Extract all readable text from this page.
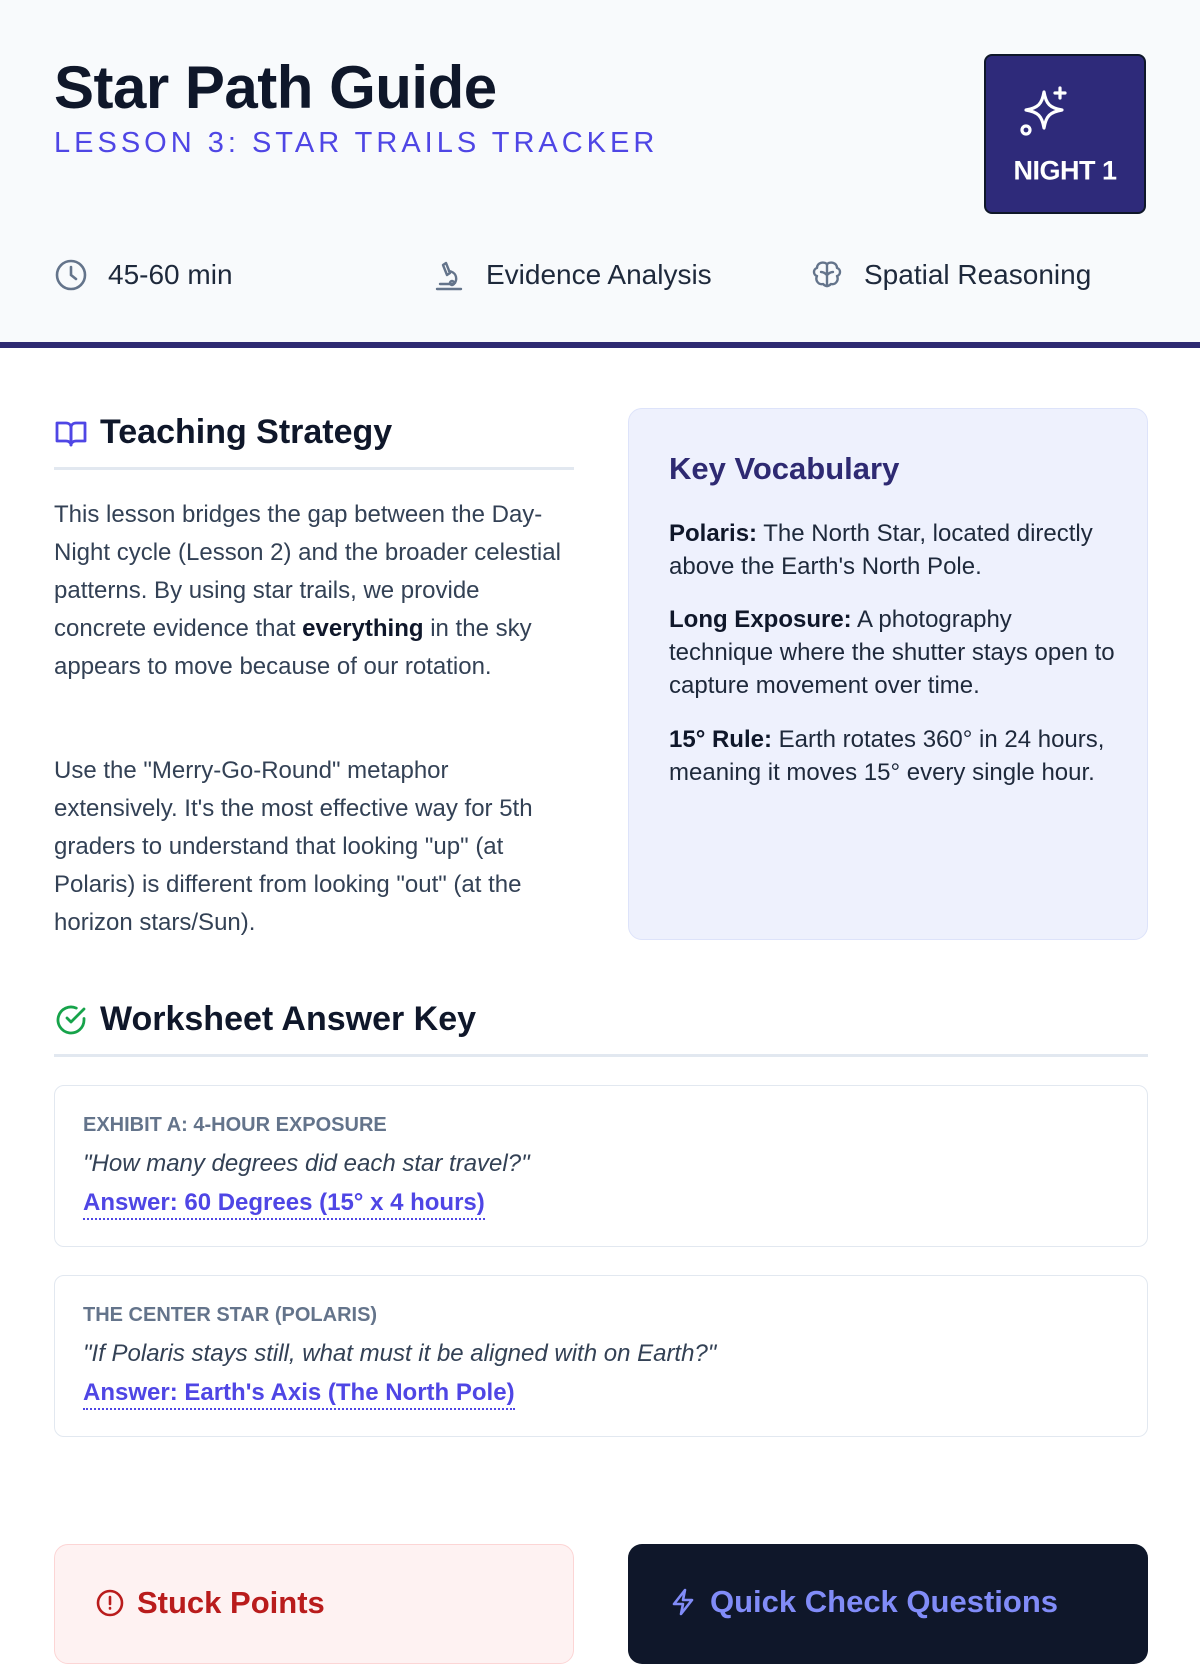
Star Path Guide
LESSON 3: STAR TRAILS TRACKER
NIGHT 1
45-60 min	Evidence Analysis	Spatial Reasoning
Teaching Strategy

This lesson bridges the gap between the Day-Night cycle (Lesson 2) and the broader celestial patterns. By using star trails, we provide concrete evidence that everything in the sky appears to move because of our rotation.

Use the "Merry-Go-Round" metaphor extensively. It's the most effective way for 5th graders to understand that looking "up" (at Polaris) is different from looking "out" (at the horizon stars/Sun).

Key Vocabulary

Polaris: The North Star, located directly above the Earth's North Pole.

Long Exposure: A photography technique where the shutter stays open to capture movement over time.

15° Rule: Earth rotates 360° in 24 hours, meaning it moves 15° every single hour.

Worksheet Answer Key
EXHIBIT A: 4-HOUR EXPOSURE
"How many degrees did each star travel?"
Answer: 60 Degrees (15° x 4 hours)
THE CENTER STAR (POLARIS)
"If Polaris stays still, what must it be aligned with on Earth?"
Answer: Earth's Axis (The North Pole)
Stuck Points	Quick Check Questions
